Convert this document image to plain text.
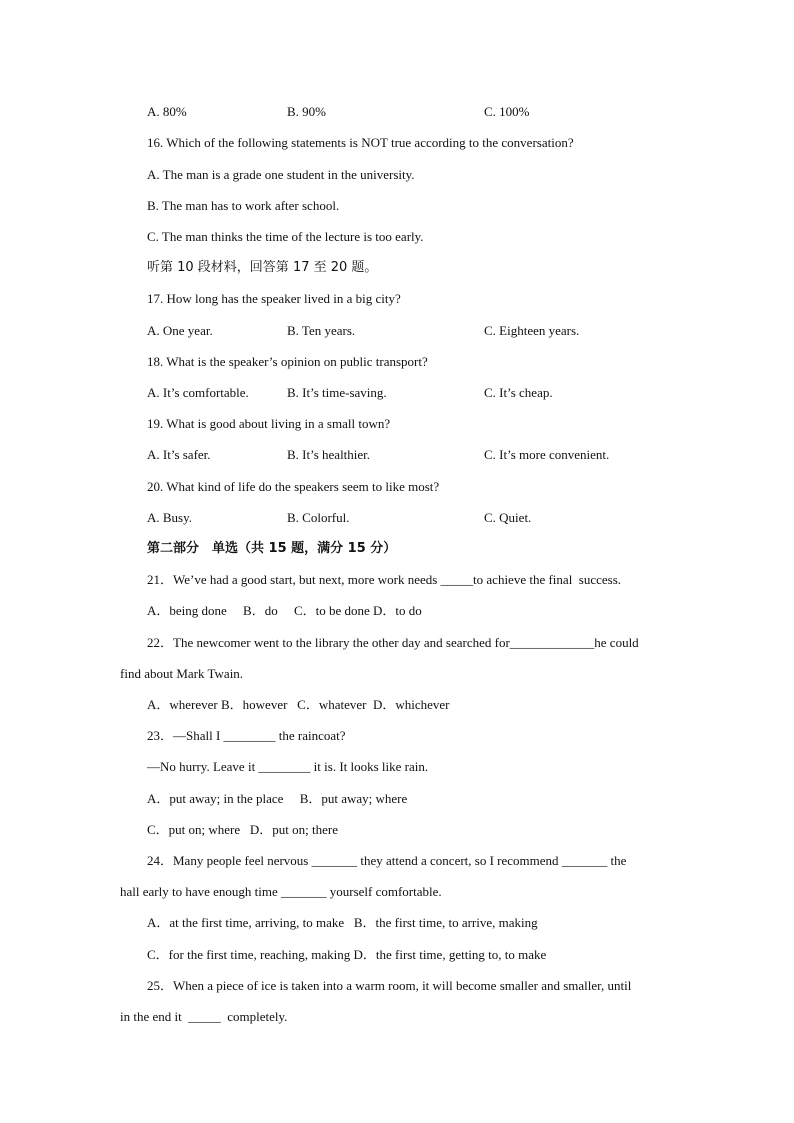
A. 80%	B. 90%	C. 100%
16. Which of the following statements is NOT true according to the conversation?
A. The man is a grade one student in the university.
B. The man has to work after school.
C. The man thinks the time of the lecture is too early.
听第 10 段材料，回答第 17 至 20 题。
17. How long has the speaker lived in a big city?
A. One year.	B. Ten years.	C. Eighteen years.
18. What is the speaker’s opinion on public transport?
A. It’s comfortable.	B. It’s time-saving.	C. It’s cheap.
19. What is good about living in a small town?
A. It’s safer.	B. It’s healthier.	C. It’s more convenient.
20. What kind of life do the speakers seem to like most?
A. Busy.	B. Colorful.	C. Quiet.
第二部分　单选（共 15 题，满分 15 分）
21．We’ve had a good start, but next, more work needs _____to achieve the final  success.
A．being done     B．do     C．to be done D．to do
22．The newcomer went to the library the other day and searched for_____________he could
find about Mark Twain.
A．wherever B．however   C．whatever  D．whichever
23．—Shall I ________ the raincoat?
—No hurry. Leave it ________ it is. It looks like rain.
A．put away; in the place     B．put away; where
C．put on; where   D．put on; there
24．Many people feel nervous _______ they attend a concert, so I recommend _______ the
hall early to have enough time _______ yourself comfortable.
A．at the first time, arriving, to make   B．the first time, to arrive, making
C．for the first time, reaching, making D．the first time, getting to, to make
25．When a piece of ice is taken into a warm room, it will become smaller and smaller, until
in the end it  _____  completely.
